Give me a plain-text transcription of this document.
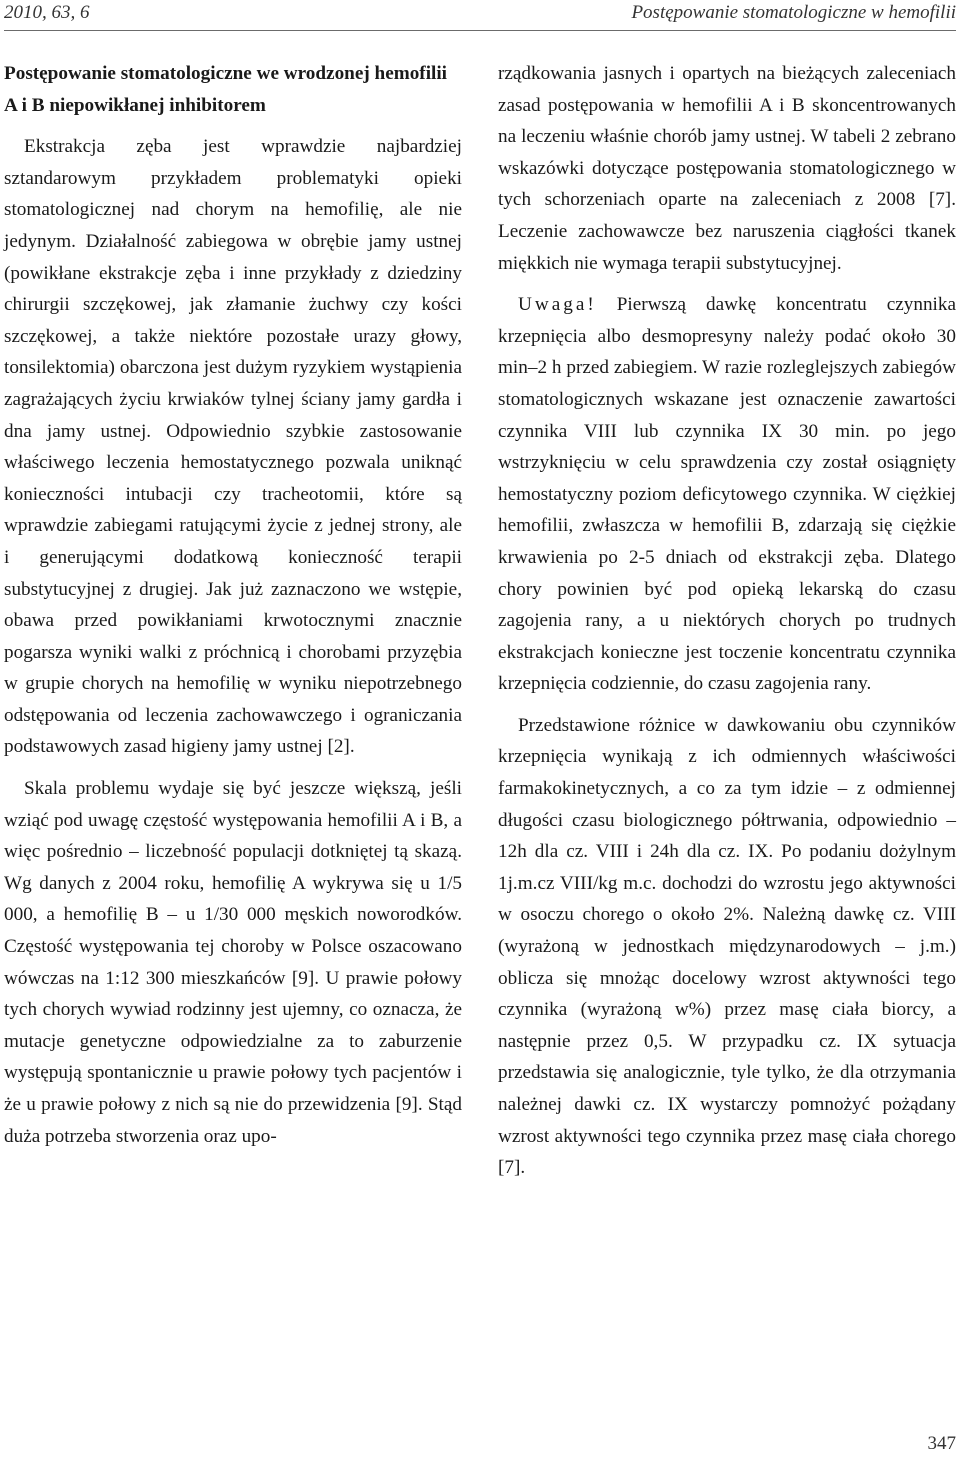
2010, 63, 6	Postępowanie stomatologiczne w hemofilii

Postępowanie stomatologiczne we wrodzonej hemofilii A i B niepowikłanej inhibitorem

Ekstrakcja zęba jest wprawdzie najbardziej sztandarowym przykładem problematyki opieki stomatologicznej nad chorym na hemofilię, ale nie jedynym. Działalność zabiegowa w obrębie jamy ustnej (powikłane ekstrakcje zęba i inne przykłady z dziedziny chirurgii szczękowej, jak złamanie żuchwy czy kości szczękowej, a także niektóre pozostałe urazy głowy, tonsilektomia) obarczona jest dużym ryzykiem wystąpienia zagrażających życiu krwiaków tylnej ściany jamy gardła i dna jamy ustnej. Odpowiednio szybkie zastosowanie właściwego leczenia hemostatycznego pozwala uniknąć konieczności intubacji czy tracheotomii, które są wprawdzie zabiegami ratującymi życie z jednej strony, ale i generującymi dodatkową konieczność terapii substytucyjnej z drugiej. Jak już zaznaczono we wstępie, obawa przed powikłaniami krwotocznymi znacznie pogarsza wyniki walki z próchnicą i chorobami przyzębia w grupie chorych na hemofilię w wyniku niepotrzebnego odstępowania od leczenia zachowawczego i ograniczania podstawowych zasad higieny jamy ustnej [2].

Skala problemu wydaje się być jeszcze większą, jeśli wziąć pod uwagę częstość występowania hemofilii A i B, a więc pośrednio – liczebność populacji dotkniętej tą skazą. Wg danych z 2004 roku, hemofilię A wykrywa się u 1/5 000, a hemofilię B – u 1/30 000 męskich noworodków. Częstość występowania tej choroby w Polsce oszacowano wówczas na 1:12 300 mieszkańców [9]. U prawie połowy tych chorych wywiad rodzinny jest ujemny, co oznacza, że mutacje genetyczne odpowiedzialne za to zaburzenie występują spontanicznie u prawie połowy tych pacjentów i że u prawie połowy z nich są nie do przewidzenia [9]. Stąd duża potrzeba stworzenia oraz upo-

rządkowania jasnych i opartych na bieżących zaleceniach zasad postępowania w hemofilii A i B skoncentrowanych na leczeniu właśnie chorób jamy ustnej. W tabeli 2 zebrano wskazówki dotyczące postępowania stomatologicznego w tych schorzeniach oparte na zaleceniach z 2008 [7]. Leczenie zachowawcze bez naruszenia ciągłości tkanek miękkich nie wymaga terapii substytucyjnej.

Uwaga! Pierwszą dawkę koncentratu czynnika krzepnięcia albo desmopresyny należy podać około 30 min–2 h przed zabiegiem. W razie rozleglejszych zabiegów stomatologicznych wskazane jest oznaczenie zawartości czynnika VIII lub czynnika IX 30 min. po jego wstrzyknięciu w celu sprawdzenia czy został osiągnięty hemostatyczny poziom deficytowego czynnika. W ciężkiej hemofilii, zwłaszcza w hemofilii B, zdarzają się ciężkie krwawienia po 2-5 dniach od ekstrakcji zęba. Dlatego chory powinien być pod opieką lekarską do czasu zagojenia rany, a u niektórych chorych po trudnych ekstrakcjach konieczne jest toczenie koncentratu czynnika krzepnięcia codziennie, do czasu zagojenia rany.

Przedstawione różnice w dawkowaniu obu czynników krzepnięcia wynikają z ich odmiennych właściwości farmakokinetycznych, a co za tym idzie – z odmiennej długości czasu biologicznego półtrwania, odpowiednio – 12h dla cz. VIII i 24h dla cz. IX. Po podaniu dożylnym 1j.m.cz VIII/kg m.c. dochodzi do wzrostu jego aktywności w osoczu chorego o około 2%. Należną dawkę cz. VIII (wyrażoną w jednostkach międzynarodowych – j.m.) oblicza się mnożąc docelowy wzrost aktywności tego czynnika (wyrażoną w%) przez masę ciała biorcy, a następnie przez 0,5. W przypadku cz. IX sytuacja przedstawia się analogicznie, tyle tylko, że dla otrzymania należnej dawki cz. IX wystarczy pomnożyć pożądany wzrost aktywności tego czynnika przez masę ciała chorego [7].

347
